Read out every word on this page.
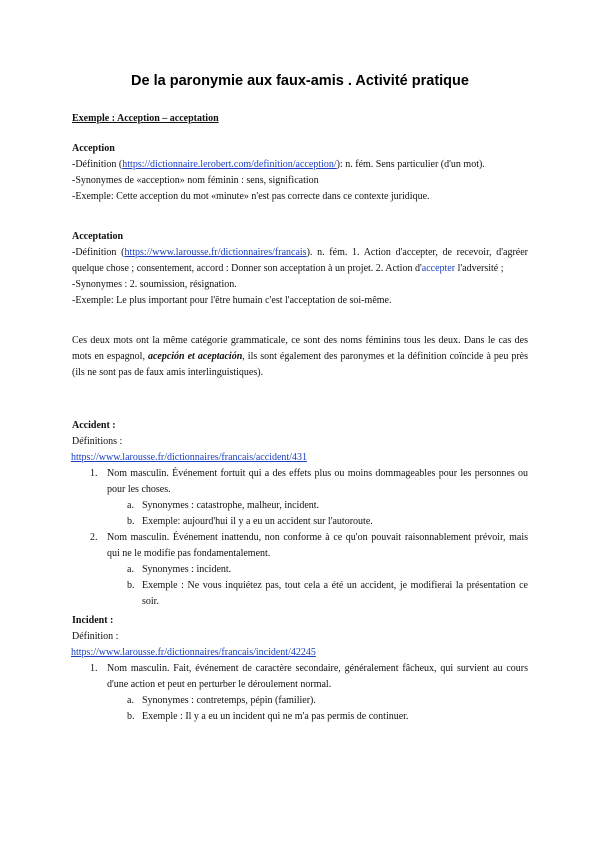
De la paronymie aux faux-amis . Activité pratique
Exemple : Acception – acceptation

Acception

-Définition (https://dictionnaire.lerobert.com/definition/acception/): n. fém. Sens particulier (d'un mot).

-Synonymes de «acception» nom féminin : sens, signification

-Exemple: Cette acception du mot «minute» n'est pas correcte dans ce contexte juridique.

Acceptation

-Définition (https://www.larousse.fr/dictionnaires/francais). n. fém. 1. Action d'accepter, de recevoir, d'agréer quelque chose ; consentement, accord : Donner son acceptation à un projet. 2. Action d'accepter l'adversité ;

-Synonymes : 2. soumission, résignation.

-Exemple: Le plus important pour l'être humain c'est l'acceptation de soi-même.

Ces deux mots ont la même catégorie grammaticale, ce sont des noms féminins tous les deux. Dans le cas des mots en espagnol, acepción et aceptación, ils sont également des paronymes et la définition coïncide à peu près (ils ne sont pas de faux amis interlinguistiques).

Accident :

Définitions :

https://www.larousse.fr/dictionnaires/francais/accident/431

1. Nom masculin. Événement fortuit qui a des effets plus ou moins dommageables pour les personnes ou pour les choses.
a. Synonymes : catastrophe, malheur, incident.
b. Exemple: aujourd'hui il y a eu un accident sur l'autoroute.
2. Nom masculin. Événement inattendu, non conforme à ce qu'on pouvait raisonnablement prévoir, mais qui ne le modifie pas fondamentalement.
a. Synonymes : incident.
b. Exemple : Ne vous inquiétez pas, tout cela a été un accident, je modifierai la présentation ce soir.

Incident :

Définition :

https://www.larousse.fr/dictionnaires/francais/incident/42245

1. Nom masculin. Fait, événement de caractère secondaire, généralement fâcheux, qui survient au cours d'une action et peut en perturber le déroulement normal.
a. Synonymes : contretemps, pépin (familier).
b. Exemple : Il y a eu un incident qui ne m'a pas permis de continuer.
